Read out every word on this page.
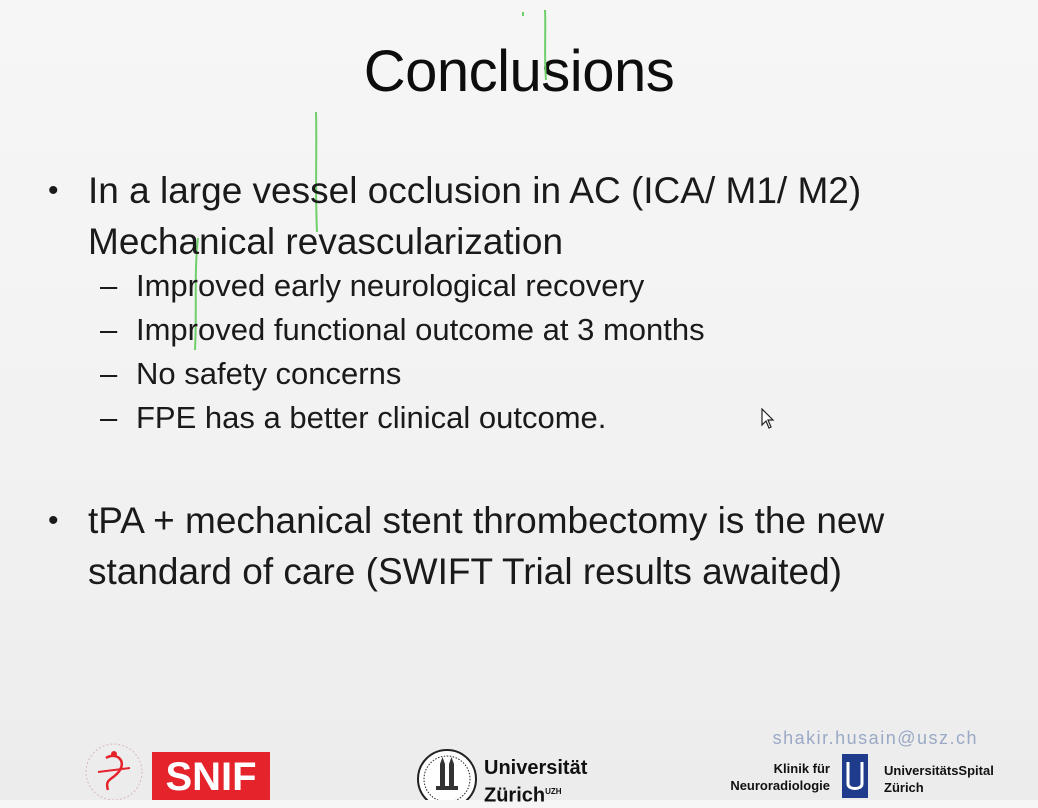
Conclusions
• In a large vessel occlusion in AC (ICA/ M1/ M2)
Mechanical revascularization
– Improved early neurological recovery
– Improved functional outcome at 3 months
– No safety concerns
– FPE has a better clinical outcome.
• tPA + mechanical stent thrombectomy is the new
standard of care (SWIFT Trial results awaited)
shakir.husain@usz.ch
SNIF	Universität
Zürich$^{UZH}$
Klinik für
Neuroradiologie
UniversitätsSpital
Zürich
